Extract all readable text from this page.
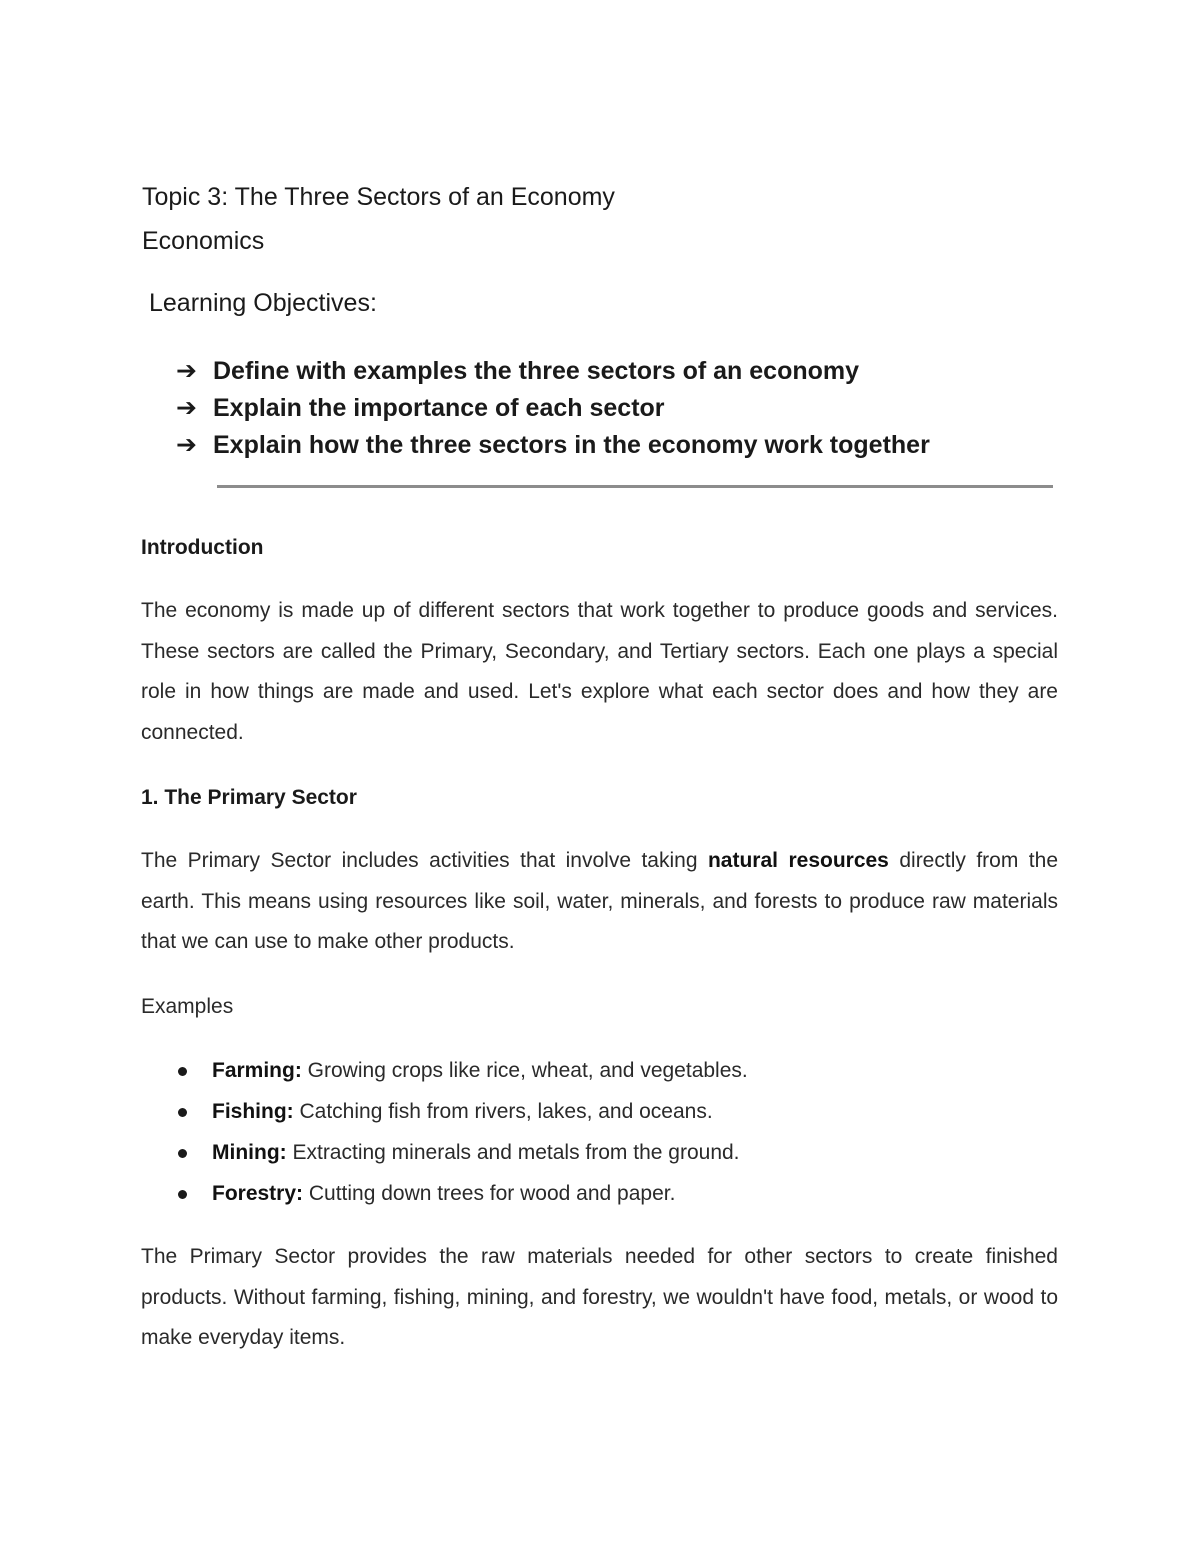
Topic 3: The Three Sectors of an Economy
Economics
Learning Objectives:
➔ Define with examples the three sectors of an economy
➔ Explain the importance of each sector
➔ Explain how the three sectors in the economy work together
Introduction

The economy is made up of different sectors that work together to produce goods and services. These sectors are called the Primary, Secondary, and Tertiary sectors. Each one plays a special role in how things are made and used. Let's explore what each sector does and how they are connected.

1. The Primary Sector

The Primary Sector includes activities that involve taking natural resources directly from the earth. This means using resources like soil, water, minerals, and forests to produce raw materials that we can use to make other products.

Examples
Farming: Growing crops like rice, wheat, and vegetables.
Fishing: Catching fish from rivers, lakes, and oceans.
Mining: Extracting minerals and metals from the ground.
Forestry: Cutting down trees for wood and paper.

The Primary Sector provides the raw materials needed for other sectors to create finished products. Without farming, fishing, mining, and forestry, we wouldn't have food, metals, or wood to make everyday items.
